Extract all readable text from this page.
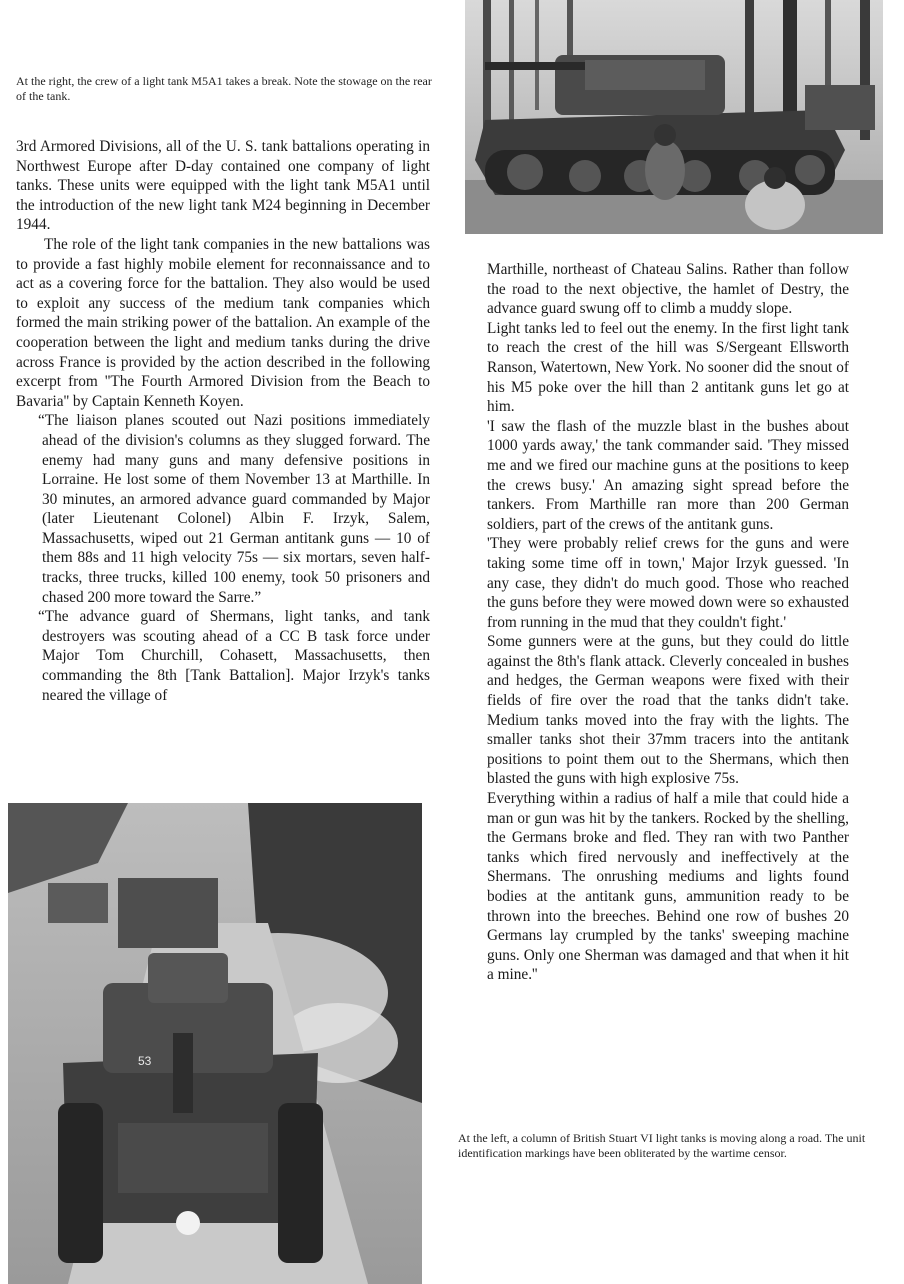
At the right, the crew of a light tank M5A1 takes a break. Note the stowage on the rear of the tank.

3rd Armored Divisions, all of the U. S. tank battalions operating in Northwest Europe after D-day contained one company of light tanks. These units were equipped with the light tank M5A1 until the introduction of the new light tank M24 beginning in December 1944.

The role of the light tank companies in the new battalions was to provide a fast highly mobile element for reconnaissance and to act as a covering force for the battalion. They also would be used to exploit any success of the medium tank companies which formed the main striking power of the battalion. An example of the cooperation between the light and medium tanks during the drive across France is provided by the action described in the following excerpt from ''The Fourth Armored Division from the Beach to Bavaria'' by Captain Kenneth Koyen.

“The liaison planes scouted out Nazi positions immediately ahead of the division's columns as they slugged forward. The enemy had many guns and many defensive positions in Lorraine. He lost some of them November 13 at Marthille. In 30 minutes, an armored advance guard commanded by Major (later Lieutenant Colonel) Albin F. Irzyk, Salem, Massachusetts, wiped out 21 German antitank guns — 10 of them 88s and 11 high velocity 75s — six mortars, seven half-tracks, three trucks, killed 100 enemy, took 50 prisoners and chased 200 more toward the Sarre.”

“The advance guard of Shermans, light tanks, and tank destroyers was scouting ahead of a CC B task force under Major Tom Churchill, Cohasett, Massachusetts, then commanding the 8th [Tank Battalion]. Major Irzyk's tanks neared the village of

Marthille, northeast of Chateau Salins. Rather than follow the road to the next objective, the hamlet of Destry, the advance guard swung off to climb a muddy slope.

Light tanks led to feel out the enemy. In the first light tank to reach the crest of the hill was S/Sergeant Ellsworth Ranson, Watertown, New York. No sooner did the snout of his M5 poke over the hill than 2 antitank guns let go at him.

'I saw the flash of the muzzle blast in the bushes about 1000 yards away,' the tank commander said. 'They missed me and we fired our machine guns at the positions to keep the crews busy.' An amazing sight spread before the tankers. From Marthille ran more than 200 German soldiers, part of the crews of the antitank guns.

'They were probably relief crews for the guns and were taking some time off in town,' Major Irzyk guessed. 'In any case, they didn't do much good. Those who reached the guns before they were mowed down were so exhausted from running in the mud that they couldn't fight.'

Some gunners were at the guns, but they could do little against the 8th's flank attack. Cleverly concealed in bushes and hedges, the German weapons were fixed with their fields of fire over the road that the tanks didn't take. Medium tanks moved into the fray with the lights. The smaller tanks shot their 37mm tracers into the antitank positions to point them out to the Shermans, which then blasted the guns with high explosive 75s.

Everything within a radius of half a mile that could hide a man or gun was hit by the tankers. Rocked by the shelling, the Germans broke and fled. They ran with two Panther tanks which fired nervously and ineffectively at the Shermans. The onrushing mediums and lights found bodies at the antitank guns, ammunition ready to be thrown into the breeches. Behind one row of bushes 20 Germans lay crumpled by the tanks' sweeping machine guns. Only one Sherman was damaged and that when it hit a mine.''

53
At the left, a column of British Stuart VI light tanks is moving along a road. The unit identification markings have been obliterated by the wartime censor.
